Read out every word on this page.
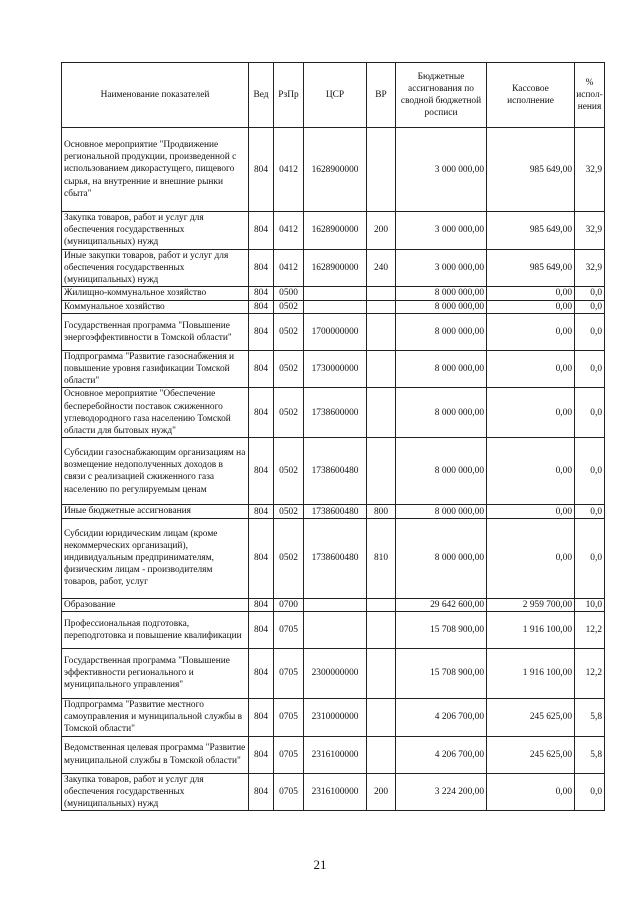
Наименование показателей	Вед	РзПр	ЦСР	ВР	Бюджетные ассигнования по сводной бюджетной росписи	Кассовое исполнение	% испол-нения
Основное мероприятие "Продвижение региональной продукции, произведенной с использованием дикорастущего, пищевого сырья, на внутренние и внешние рынки сбыта"	804	0412	1628900000		3 000 000,00	985 649,00	32,9
Закупка товаров, работ и услуг для обеспечения государственных (муниципальных) нужд	804	0412	1628900000	200	3 000 000,00	985 649,00	32,9
Иные закупки товаров, работ и услуг для обеспечения государственных (муниципальных) нужд	804	0412	1628900000	240	3 000 000,00	985 649,00	32,9
Жилищно-коммунальное хозяйство	804	0500			8 000 000,00	0,00	0,0
Коммунальное хозяйство	804	0502			8 000 000,00	0,00	0,0
Государственная программа "Повышение энергоэффективности в Томской области"	804	0502	1700000000		8 000 000,00	0,00	0,0
Подпрограмма "Развитие газоснабжения и повышение уровня газификации Томской области"	804	0502	1730000000		8 000 000,00	0,00	0,0
Основное мероприятие "Обеспечение бесперебойности поставок сжиженного углеводородного газа населению Томской области для бытовых нужд"	804	0502	1738600000		8 000 000,00	0,00	0,0
Субсидии газоснабжающим организациям на возмещение недополученных доходов в связи с реализацией сжиженного газа населению по регулируемым ценам	804	0502	1738600480		8 000 000,00	0,00	0,0
Иные бюджетные ассигнования	804	0502	1738600480	800	8 000 000,00	0,00	0,0
Субсидии юридическим лицам (кроме некоммерческих организаций), индивидуальным предпринимателям, физическим лицам - производителям товаров, работ, услуг	804	0502	1738600480	810	8 000 000,00	0,00	0,0
Образование	804	0700			29 642 600,00	2 959 700,00	10,0
Профессиональная подготовка, переподготовка и повышение квалификации	804	0705			15 708 900,00	1 916 100,00	12,2
Государственная программа "Повышение эффективности регионального и муниципального управления"	804	0705	2300000000		15 708 900,00	1 916 100,00	12,2
Подпрограмма "Развитие местного самоуправления и муниципальной службы в Томской области"	804	0705	2310000000		4 206 700,00	245 625,00	5,8
Ведомственная целевая программа "Развитие муниципальной службы в Томской области"	804	0705	2316100000		4 206 700,00	245 625,00	5,8
Закупка товаров, работ и услуг для обеспечения государственных (муниципальных) нужд	804	0705	2316100000	200	3 224 200,00	0,00	0,0
21
